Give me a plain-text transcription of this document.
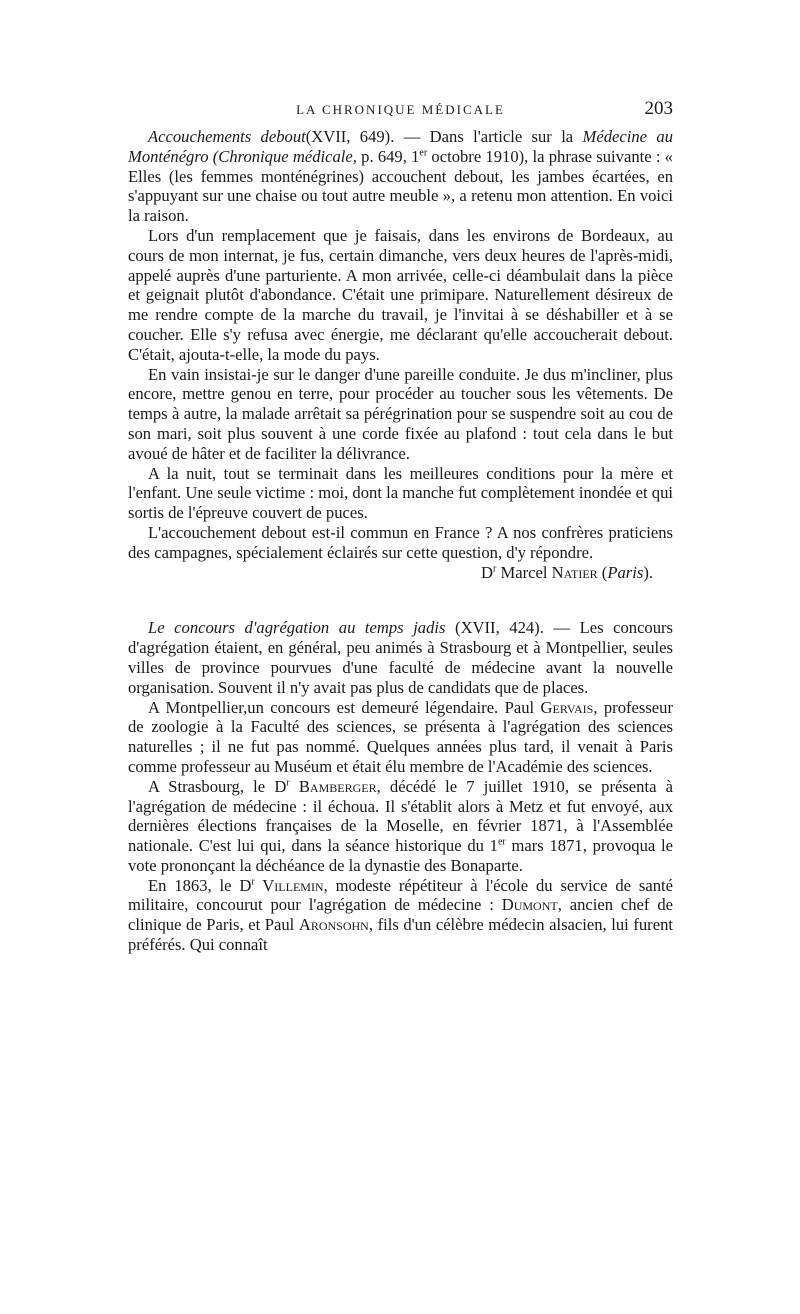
LA CHRONIQUE MÉDICALE	203

Accouchements debout(XVII, 649). — Dans l'article sur la Médecine au Monténégro (Chronique médicale, p. 649, 1er octobre 1910), la phrase suivante : « Elles (les femmes monténégrines) accouchent debout, les jambes écartées, en s'appuyant sur une chaise ou tout autre meuble », a retenu mon attention. En voici la raison.

Lors d'un remplacement que je faisais, dans les environs de Bordeaux, au cours de mon internat, je fus, certain dimanche, vers deux heures de l'après-midi, appelé auprès d'une parturiente. A mon arrivée, celle-ci déambulait dans la pièce et geignait plutôt d'abondance. C'était une primipare. Naturellement désireux de me rendre compte de la marche du travail, je l'invitai à se déshabiller et à se coucher. Elle s'y refusa avec énergie, me déclarant qu'elle accoucherait debout. C'était, ajouta-t-elle, la mode du pays.

En vain insistai-je sur le danger d'une pareille conduite. Je dus m'incliner, plus encore, mettre genou en terre, pour procéder au toucher sous les vêtements. De temps à autre, la malade arrêtait sa pérégrination pour se suspendre soit au cou de son mari, soit plus souvent à une corde fixée au plafond : tout cela dans le but avoué de hâter et de faciliter la délivrance.

A la nuit, tout se terminait dans les meilleures conditions pour la mère et l'enfant. Une seule victime : moi, dont la manche fut complètement inondée et qui sortis de l'épreuve couvert de puces.

L'accouchement debout est-il commun en France ? A nos confrères praticiens des campagnes, spécialement éclairés sur cette question, d'y répondre.

$D^r$ Marcel Natier (Paris).

Le concours d'agrégation au temps jadis (XVII, 424). — Les concours d'agrégation étaient, en général, peu animés à Strasbourg et à Montpellier, seules villes de province pourvues d'une faculté de médecine avant la nouvelle organisation. Souvent il n'y avait pas plus de candidats que de places.

A Montpellier,un concours est demeuré légendaire. Paul Gervais, professeur de zoologie à la Faculté des sciences, se présenta à l'agrégation des sciences naturelles ; il ne fut pas nommé. Quelques années plus tard, il venait à Paris comme professeur au Muséum et était élu membre de l'Académie des sciences.

A Strasbourg, le $D^r$ Bamberger, décédé le 7 juillet 1910, se présenta à l'agrégation de médecine : il échoua. Il s'établit alors à Metz et fut envoyé, aux dernières élections françaises de la Moselle, en février 1871, à l'Assemblée nationale. C'est lui qui, dans la séance historique du 1er mars 1871, provoqua le vote prononçant la déchéance de la dynastie des Bonaparte.

En 1863, le $D^r$ Villemin, modeste répétiteur à l'école du service de santé militaire, concourut pour l'agrégation de médecine : Dumont, ancien chef de clinique de Paris, et Paul Aronsohn, fils d'un célèbre médecin alsacien, lui furent préférés. Qui connaît
